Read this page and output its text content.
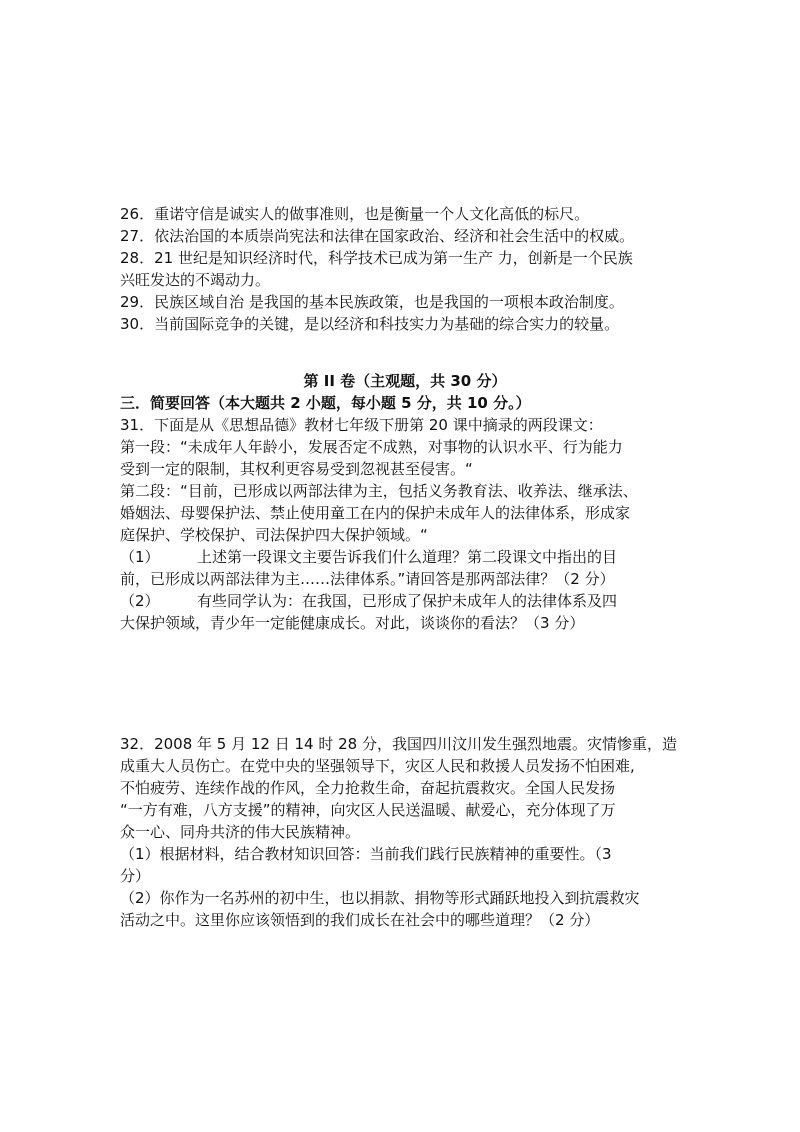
26．重诺守信是诚实人的做事准则，也是衡量一个人文化高低的标尺。
27．依法治国的本质崇尚宪法和法律在国家政治、经济和社会生活中的权威。
28．21 世纪是知识经济时代，科学技术已成为第一生产 力，创新是一个民族
兴旺发达的不竭动力。
29．民族区域自治 是我国的基本民族政策，也是我国的一项根本政治制度。
30．当前国际竞争的关键，是以经济和科技实力为基础的综合实力的较量。
第 II 卷（主观题，共 30 分）
三．简要回答（本大题共 2 小题，每小题 5 分，共 10 分。）
31．下面是从《思想品德》教材七年级下册第 20 课中摘录的两段课文：
第一段：“未成年人年龄小，发展否定不成熟，对事物的认识水平、行为能力
受到一定的限制，其权利更容易受到忽视甚至侵害。“
第二段：“目前，已形成以两部法律为主，包括义务教育法、收养法、继承法、
婚姻法、母婴保护法、禁止使用童工在内的保护未成年人的法律体系，形成家
庭保护、学校保护、司法保护四大保护领域。“
（1）　　　上述第一段课文主要告诉我们什么道理？第二段课文中指出的目
前，已形成以两部法律为主……法律体系。”请回答是那两部法律？（2 分）
（2）　　　有些同学认为：在我国，已形成了保护未成年人的法律体系及四
大保护领域，青少年一定能健康成长。对此，谈谈你的看法？（3 分）
32．2008 年 5 月 12 日 14 时 28 分，我国四川汶川发生强烈地震。灾情惨重，造
成重大人员伤亡。在党中央的坚强领导下，灾区人民和救援人员发扬不怕困难,
不怕疲劳、连续作战的作风，全力抢救生命，奋起抗震救灾。全国人民发扬
“一方有难，八方支援”的精神，向灾区人民送温暖、献爱心，充分体现了万
众一心、同舟共济的伟大民族精神。
（1）根据材料，结合教材知识回答：当前我们践行民族精神的重要性。（3
分）
（2）你作为一名苏州的初中生，也以捐款、捐物等形式踊跃地投入到抗震救灾
活动之中。这里你应该领悟到的我们成长在社会中的哪些道理？（2 分）
